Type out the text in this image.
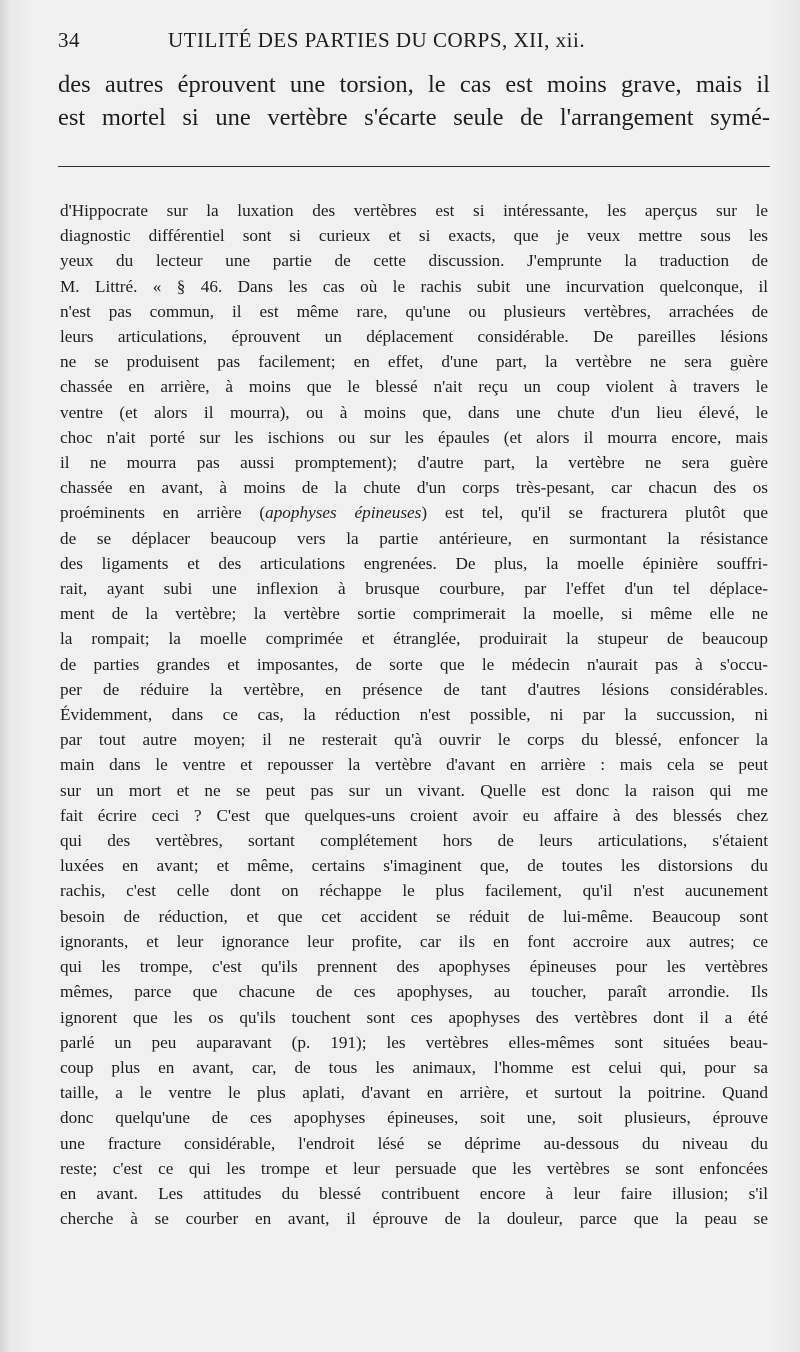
34	UTILITÉ DES PARTIES DU CORPS, XII, xii.
des autres éprouvent une torsion, le cas est moins grave, mais il
est mortel si une vertèbre s'écarte seule de l'arrangement symé-
d'Hippocrate sur la luxation des vertèbres est si intéressante, les aperçus sur le
diagnostic différentiel sont si curieux et si exacts, que je veux mettre sous les
yeux du lecteur une partie de cette discussion. J'emprunte la traduction de
M. Littré. « § 46. Dans les cas où le rachis subit une incurvation quelconque, il
n'est pas commun, il est même rare, qu'une ou plusieurs vertèbres, arrachées de
leurs articulations, éprouvent un déplacement considérable. De pareilles lésions
ne se produisent pas facilement; en effet, d'une part, la vertèbre ne sera guère
chassée en arrière, à moins que le blessé n'ait reçu un coup violent à travers le
ventre (et alors il mourra), ou à moins que, dans une chute d'un lieu élevé, le
choc n'ait porté sur les ischions ou sur les épaules (et alors il mourra encore, mais
il ne mourra pas aussi promptement); d'autre part, la vertèbre ne sera guère
chassée en avant, à moins de la chute d'un corps très-pesant, car chacun des os
proéminents en arrière (apophyses épineuses) est tel, qu'il se fracturera plutôt que
de se déplacer beaucoup vers la partie antérieure, en surmontant la résistance
des ligaments et des articulations engrenées. De plus, la moelle épinière souffri-
rait, ayant subi une inflexion à brusque courbure, par l'effet d'un tel déplace-
ment de la vertèbre; la vertèbre sortie comprimerait la moelle, si même elle ne
la rompait; la moelle comprimée et étranglée, produirait la stupeur de beaucoup
de parties grandes et imposantes, de sorte que le médecin n'aurait pas à s'occu-
per de réduire la vertèbre, en présence de tant d'autres lésions considérables.
Évidemment, dans ce cas, la réduction n'est possible, ni par la succussion, ni
par tout autre moyen; il ne resterait qu'à ouvrir le corps du blessé, enfoncer la
main dans le ventre et repousser la vertèbre d'avant en arrière : mais cela se peut
sur un mort et ne se peut pas sur un vivant. Quelle est donc la raison qui me
fait écrire ceci ? C'est que quelques-uns croient avoir eu affaire à des blessés chez
qui des vertèbres, sortant complétement hors de leurs articulations, s'étaient
luxées en avant; et même, certains s'imaginent que, de toutes les distorsions du
rachis, c'est celle dont on réchappe le plus facilement, qu'il n'est aucunement
besoin de réduction, et que cet accident se réduit de lui-même. Beaucoup sont
ignorants, et leur ignorance leur profite, car ils en font accroire aux autres; ce
qui les trompe, c'est qu'ils prennent des apophyses épineuses pour les vertèbres
mêmes, parce que chacune de ces apophyses, au toucher, paraît arrondie. Ils
ignorent que les os qu'ils touchent sont ces apophyses des vertèbres dont il a été
parlé un peu auparavant (p. 191); les vertèbres elles-mêmes sont situées beau-
coup plus en avant, car, de tous les animaux, l'homme est celui qui, pour sa
taille, a le ventre le plus aplati, d'avant en arrière, et surtout la poitrine. Quand
donc quelqu'une de ces apophyses épineuses, soit une, soit plusieurs, éprouve
une fracture considérable, l'endroit lésé se déprime au-dessous du niveau du
reste; c'est ce qui les trompe et leur persuade que les vertèbres se sont enfoncées
en avant. Les attitudes du blessé contribuent encore à leur faire illusion; s'il
cherche à se courber en avant, il éprouve de la douleur, parce que la peau se
